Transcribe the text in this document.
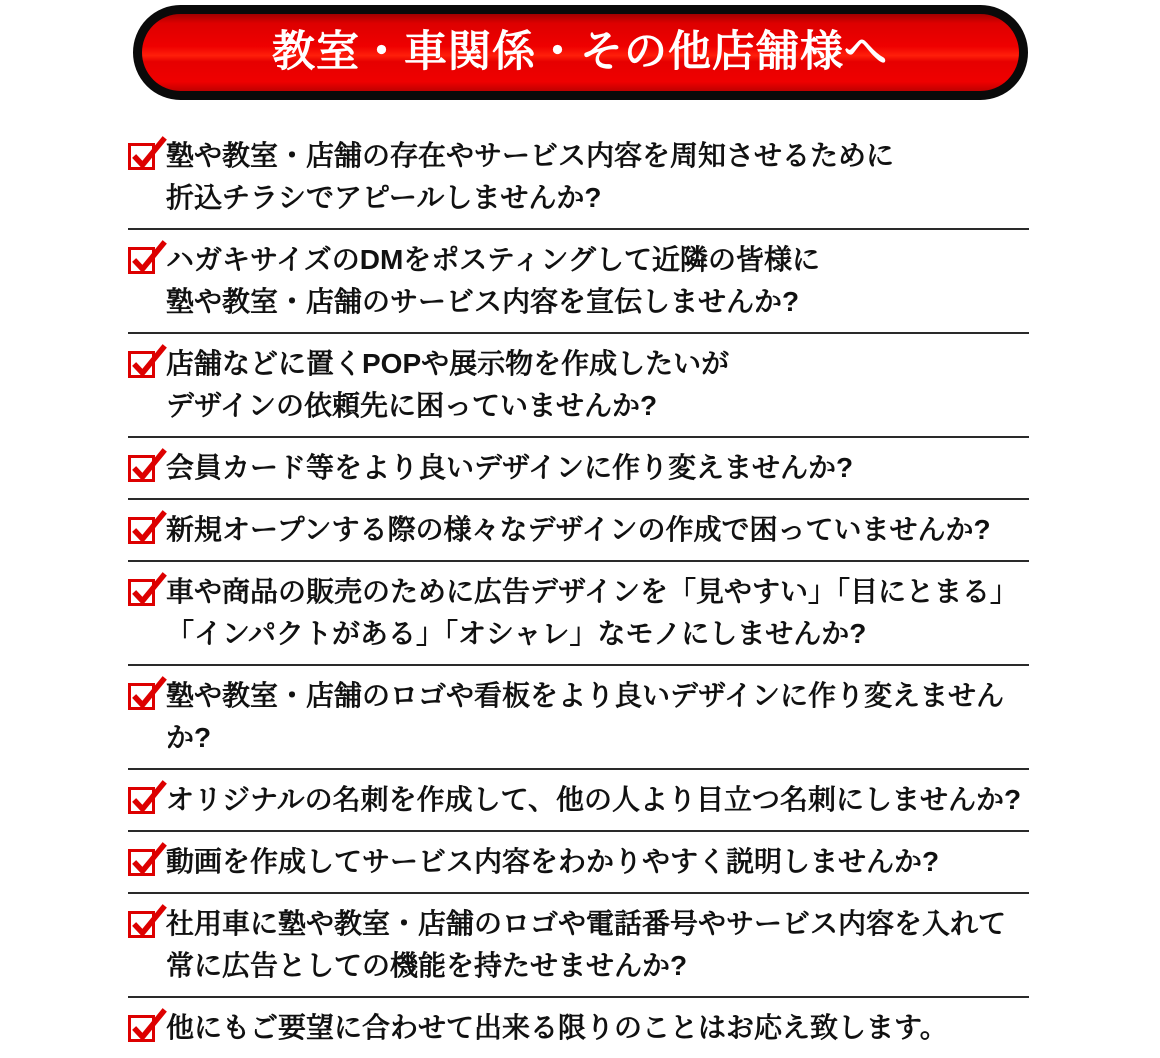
教室・車関係・その他店舗様へ
塾や教室・店舗の存在やサービス内容を周知させるために
折込チラシでアピールしませんか?
ハガキサイズのDMをポスティングして近隣の皆様に
塾や教室・店舗のサービス内容を宣伝しませんか?
店舗などに置くPOPや展示物を作成したいが
デザインの依頼先に困っていませんか?
会員カード等をより良いデザインに作り変えませんか?
新規オープンする際の様々なデザインの作成で困っていませんか?
車や商品の販売のために広告デザインを「見やすい」「目にとまる」
「インパクトがある」「オシャレ」なモノにしませんか?
塾や教室・店舗のロゴや看板をより良いデザインに作り変えませんか?
オリジナルの名刺を作成して、他の人より目立つ名刺にしませんか?
動画を作成してサービス内容をわかりやすく説明しませんか?
社用車に塾や教室・店舗のロゴや電話番号やサービス内容を入れて
常に広告としての機能を持たせませんか?
他にもご要望に合わせて出来る限りのことはお応え致します。
